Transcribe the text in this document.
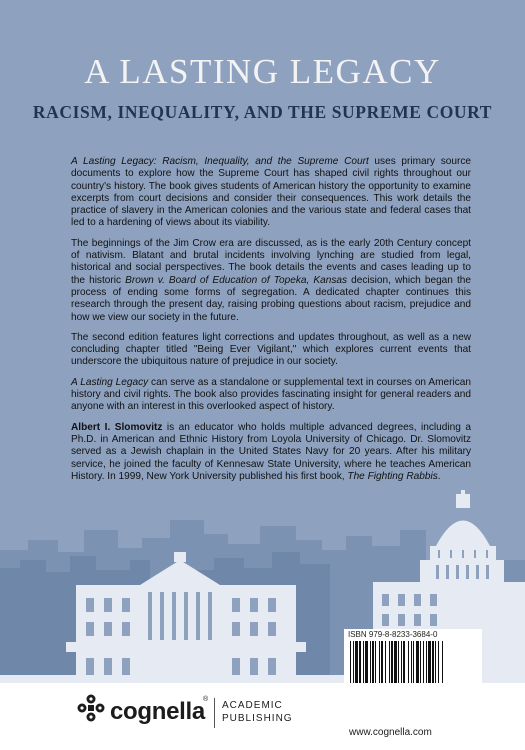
A LASTING LEGACY
RACISM, INEQUALITY, AND THE SUPREME COURT

A Lasting Legacy: Racism, Inequality, and the Supreme Court uses primary source documents to explore how the Supreme Court has shaped civil rights throughout our country's history. The book gives students of American history the opportunity to examine excerpts from court decisions and consider their consequences. This work details the practice of slavery in the American colonies and the various state and federal cases that led to a hardening of views about its viability.

The beginnings of the Jim Crow era are discussed, as is the early 20th Century concept of nativism. Blatant and brutal incidents involving lynching are studied from legal, historical and social perspectives. The book details the events and cases leading up to the historic Brown v. Board of Education of Topeka, Kansas decision, which began the process of ending some forms of segregation. A dedicated chapter continues this research through the present day, raising probing questions about racism, prejudice and how we view our society in the future.

The second edition features light corrections and updates throughout, as well as a new concluding chapter titled "Being Ever Vigilant," which explores current events that underscore the ubiquitous nature of prejudice in our society.

A Lasting Legacy can serve as a standalone or supplemental text in courses on American history and civil rights. The book also provides fascinating insight for general readers and anyone with an interest in this overlooked aspect of history.

Albert I. Slomovitz is an educator who holds multiple advanced degrees, including a Ph.D. in American and Ethnic History from Loyola University of Chicago. Dr. Slomovitz served as a Jewish chaplain in the United States Navy for 20 years. After his military service, he joined the faculty of Kennesaw State University, where he teaches American History. In 1999, New York University published his first book, The Fighting Rabbis.

ISBN 979-8-8233-3684-0
cognella
®
ACADEMIC
PUBLISHING
www.cognella.com
